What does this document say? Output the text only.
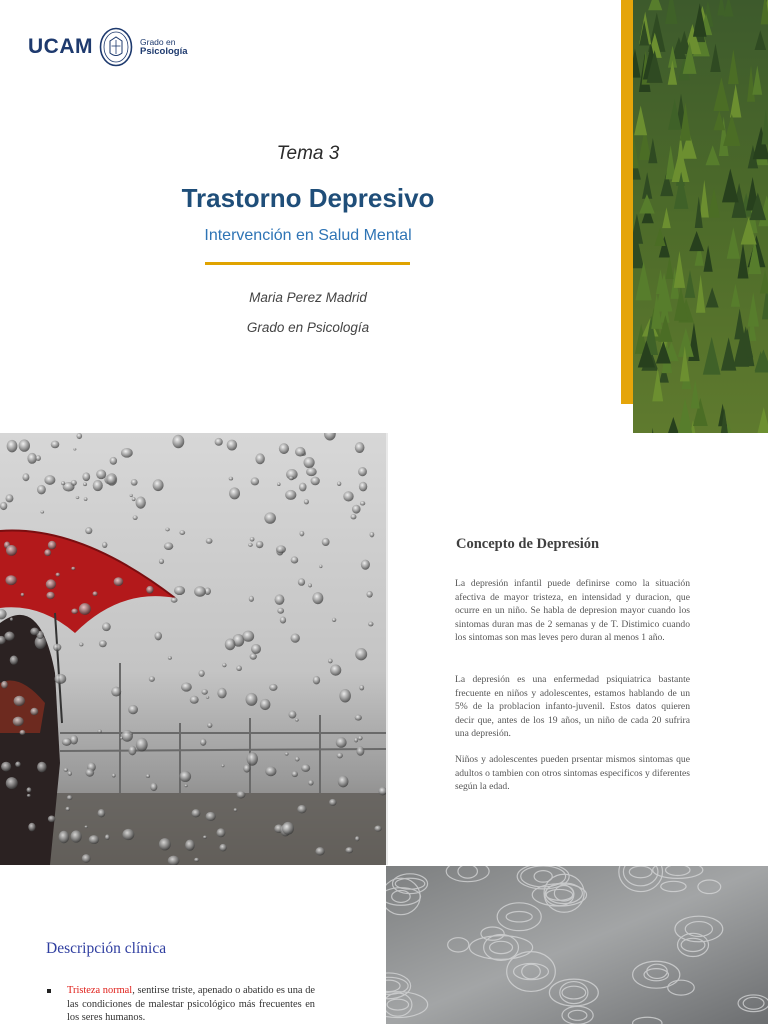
UCAM	Grado en
Psicología
Tema 3
Trastorno Depresivo
Intervención en Salud Mental
Maria Perez Madrid
Grado en Psicología
Concepto de Depresión
La depresión infantil puede definirse como la situación afectiva de mayor tristeza, en intensidad y duracion, que ocurre en un niño. Se habla de depresion mayor cuando los sintomas duran mas de 2 semanas y de T. Distimico cuando los sintomas son mas leves pero duran al menos 1 año.
La depresión es una enfermedad psiquiatrica bastante frecuente en niños y adolescentes, estamos hablando de un 5% de la problacion infanto-juvenil. Estos datos quieren decir que, antes de los 19 años, un niño de cada 20 sufrira una depresión.
Niños y adolescentes pueden prsentar mismos sintomas que adultos o tambien con otros sintomas especificos y diferentes según la edad.
Descripción clínica
Tristeza normal, sentirse triste, apenado o abatido es una de las condiciones de malestar psicológico más frecuentes en los seres humanos.
